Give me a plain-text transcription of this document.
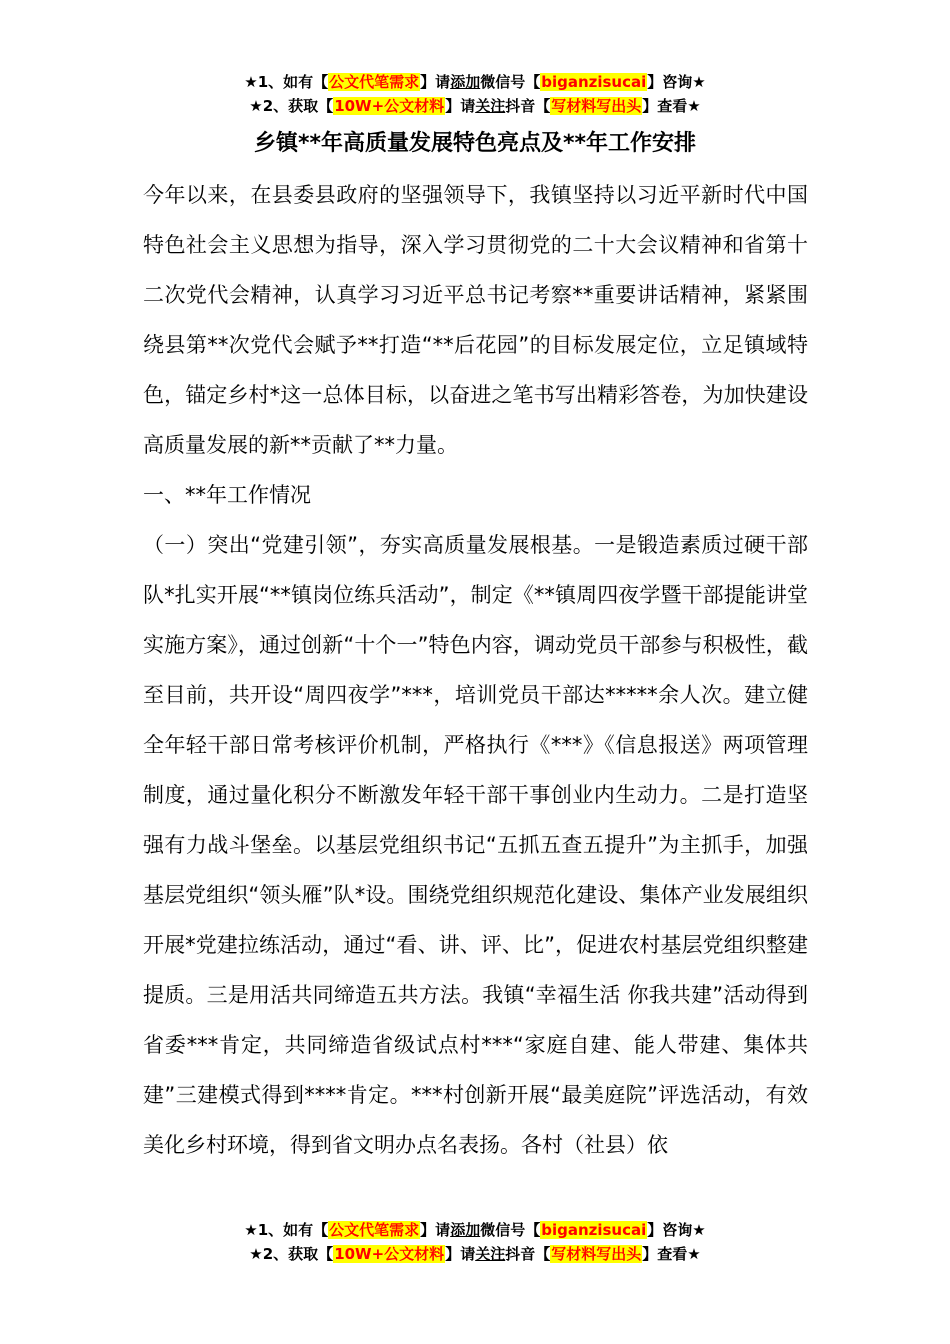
★1、如有【公文代笔需求】请添加微信号【biganzisucai】咨询★
★2、获取【10W+公文材料】请关注抖音【写材料写出头】查看★
乡镇**年高质量发展特色亮点及**年工作安排

今年以来，在县委县政府的坚强领导下，我镇坚持以习近平新时代中国特色社会主义思想为指导，深入学习贯彻党的二十大会议精神和省第十二次党代会精神，认真学习习近平总书记考察**重要讲话精神，紧紧围绕县第**次党代会赋予**打造“**后花园”的目标发展定位，立足镇域特色，锚定乡村*这一总体目标，以奋进之笔书写出精彩答卷，为加快建设高质量发展的新**贡献了**力量。

一、**年工作情况

（一）突出“党建引领”，夯实高质量发展根基。一是锻造素质过硬干部队*扎实开展“**镇岗位练兵活动”，制定《**镇周四夜学暨干部提能讲堂实施方案》，通过创新“十个一”特色内容，调动党员干部参与积极性，截至目前，共开设“周四夜学”***，培训党员干部达*****余人次。建立健全年轻干部日常考核评价机制，严格执行《***》《信息报送》两项管理制度，通过量化积分不断激发年轻干部干事创业内生动力。二是打造坚强有力战斗堡垒。以基层党组织书记“五抓五查五提升”为主抓手，加强基层党组织“领头雁”队*设。围绕党组织规范化建设、集体产业发展组织开展*党建拉练活动，通过“看、讲、评、比”，促进农村基层党组织整建提质。三是用活共同缔造五共方法。我镇“幸福生活 你我共建”活动得到省委***肯定，共同缔造省级试点村***“家庭自建、能人带建、集体共建”三建模式得到****肯定。***村创新开展“最美庭院”评选活动，有效美化乡村环境，得到省文明办点名表扬。各村（社县）依

★1、如有【公文代笔需求】请添加微信号【biganzisucai】咨询★
★2、获取【10W+公文材料】请关注抖音【写材料写出头】查看★
